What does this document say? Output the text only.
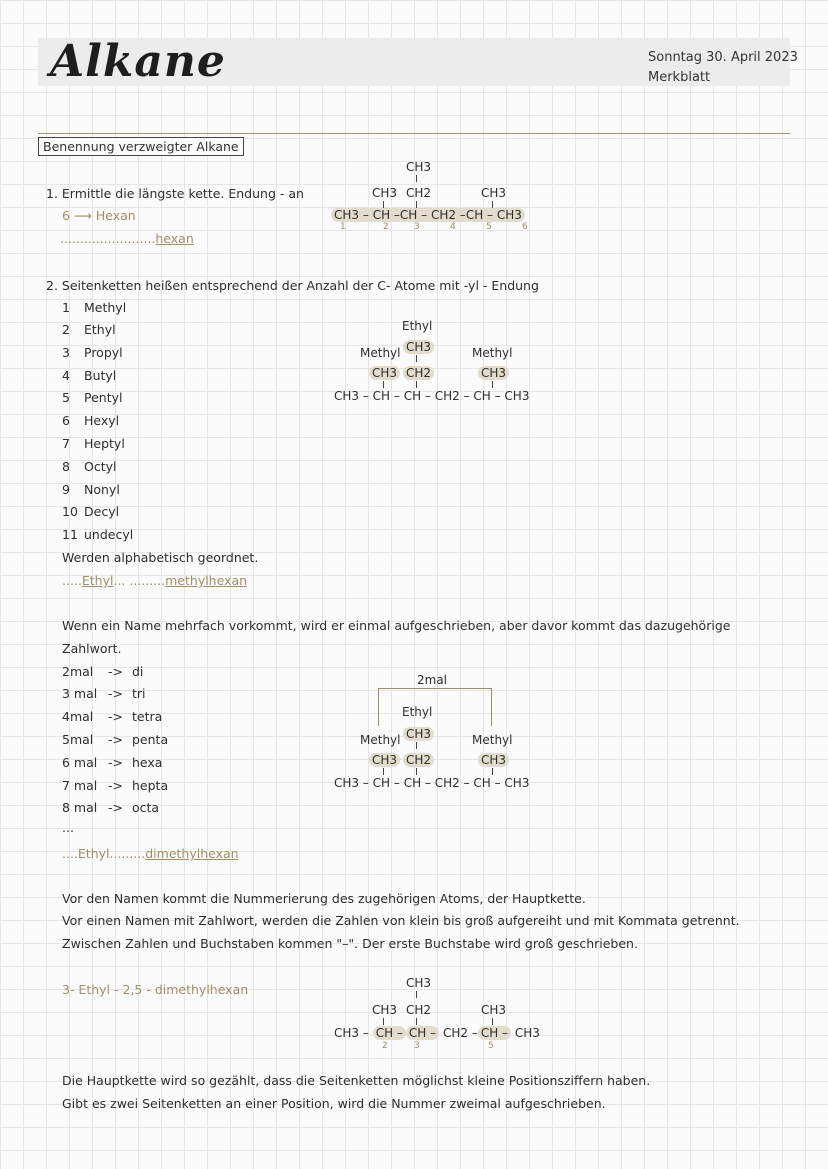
Alkane	Sonntag 30. April 2023
Merkblatt
Benennung verzweigter Alkane
1. Ermittle die längste kette. Endung - an
6 ⟶ Hexan
........................hexan
CH3
CH3 CH2	CH3
CH3 – CH –CH – CH2 –CH – CH3
1	2	3	4	5	6
2. Seitenketten heißen entsprechend der Anzahl der C- Atome mit -yl - Endung
1 Methyl
2 Ethyl
3 Propyl
4 Butyl
5 Pentyl
6 Hexyl
7 Heptyl
8 Octyl
9 Nonyl
10 Decyl
11 undecyl
Werden alphabetisch geordnet.
.....Ethyl... .........methylhexan
Ethyl
Methyl	Methyl
CH3
CH3 CH2	CH3
CH3 – CH – CH – CH2 – CH – CH3
Wenn ein Name mehrfach vorkommt, wird er einmal aufgeschrieben, aber davor kommt das dazugehörige
Zahlwort.
2mal -> di
3 mal -> tri
4mal -> tetra
5mal -> penta
6 mal -> hexa
7 mal -> hepta
8 mal -> octa
...
....Ethyl.........dimethylhexan
2mal
Ethyl
Methyl	Methyl
CH3
CH3 CH2	CH3
CH3 – CH – CH – CH2 – CH – CH3
Vor den Namen kommt die Nummerierung des zugehörigen Atoms, der Hauptkette.
Vor einen Namen mit Zahlwort, werden die Zahlen von klein bis groß aufgereiht und mit Kommata getrennt.
Zwischen Zahlen und Buchstaben kommen "–". Der erste Buchstabe wird groß geschrieben.
3- Ethyl - 2,5 - dimethylhexan	CH3
CH3 CH2	CH3
CH3 – CH – CH – CH2 – CH – CH3
2	3	5
Die Hauptkette wird so gezählt, dass die Seitenketten möglichst kleine Positionsziffern haben.
Gibt es zwei Seitenketten an einer Position, wird die Nummer zweimal aufgeschrieben.
